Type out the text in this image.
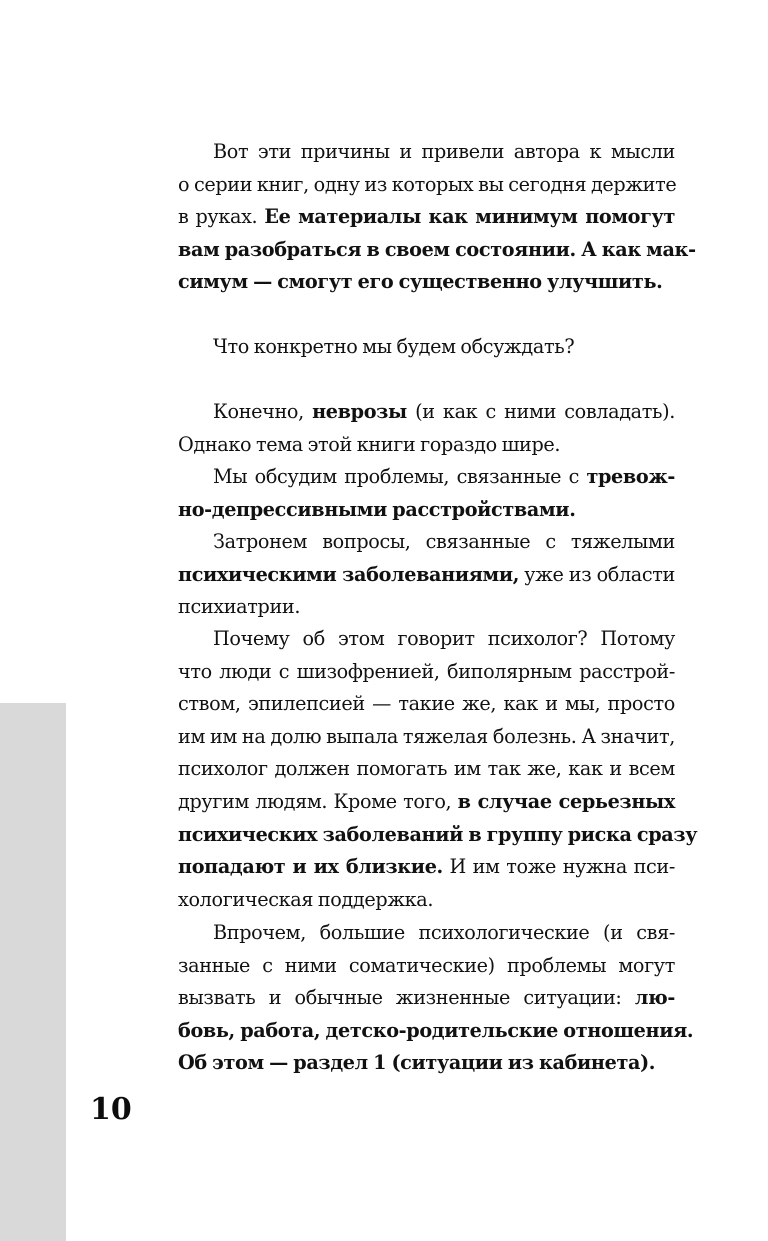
Вот эти причины и привели автора к мысли
о серии книг, одну из которых вы сегодня держите
в руках. Ее материалы как минимум помогут
вам разобраться в своем состоянии. А как мак-
симум — смогут его существенно улучшить.
Что конкретно мы будем обсуждать?
Конечно, неврозы (и как с ними совладать).
Однако тема этой книги гораздо шире.
Мы обсудим проблемы, связанные с тревож-
но-депрессивными расстройствами.
Затронем вопросы, связанные с тяжелыми
психическими заболеваниями, уже из области
психиатрии.
Почему об этом говорит психолог? Потому
что люди с шизофренией, биполярным расстрой-
ством, эпилепсией — такие же, как и мы, просто
им им на долю выпала тяжелая болезнь. А значит,
психолог должен помогать им так же, как и всем
другим людям. Кроме того, в случае серьезных
психических заболеваний в группу риска сразу
попадают и их близкие. И им тоже нужна пси-
хологическая поддержка.
Впрочем, большие психологические (и свя-
занные с ними соматические) проблемы могут
вызвать и обычные жизненные ситуации: лю-
бовь, работа, детско-родительские отношения.
Об этом — раздел 1 (ситуации из кабинета).
10
